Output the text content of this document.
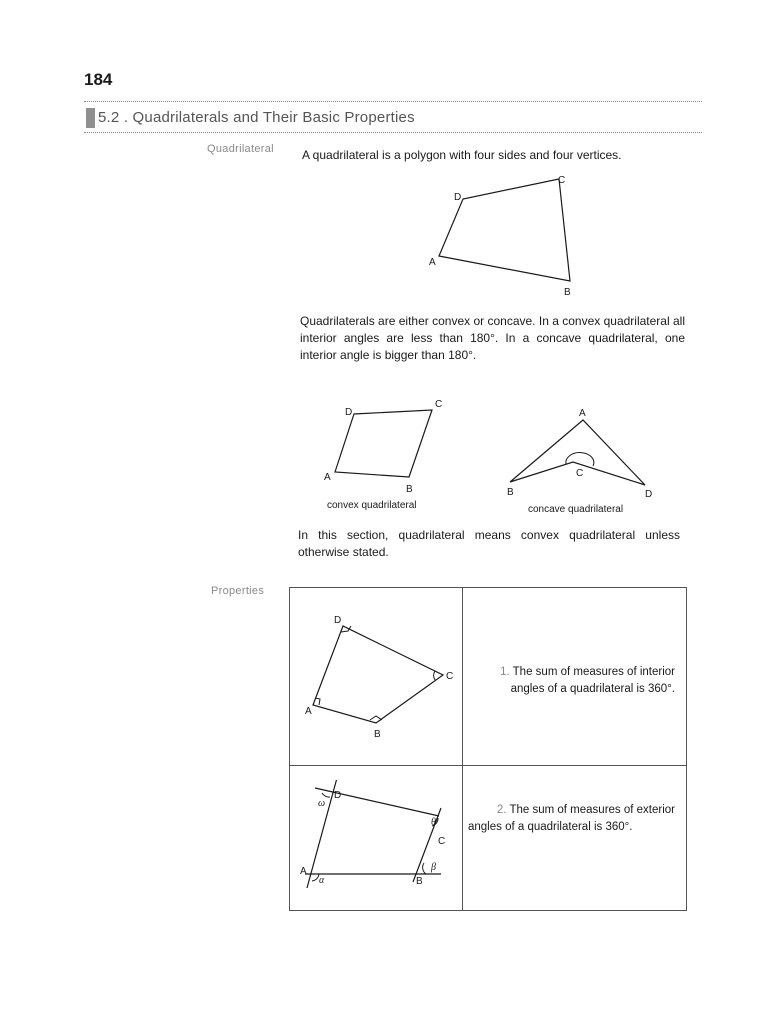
184
5.2 . Quadrilaterals and Their Basic Properties
Quadrilateral A quadrilateral is a polygon with four sides and four vertices.
D
C
A
B
Quadrilaterals are either convex or concave. In a convex quadrilateral all interior angles are less than 180°. In a concave quadrilateral, one interior angle is bigger than 180°.
D
C
A
B
A
B
C
D
convex quadrilateral	concave quadrilateral
In this section, quadrilateral means convex quadrilateral unless otherwise stated.
Properties
D
C
A
B
1. The sum of measures of interior
angles of a quadrilateral is 360°.
D
C
A
B
ω
θ
β
α
2. The sum of measures of exterior
angles of a quadrilateral is 360°.
